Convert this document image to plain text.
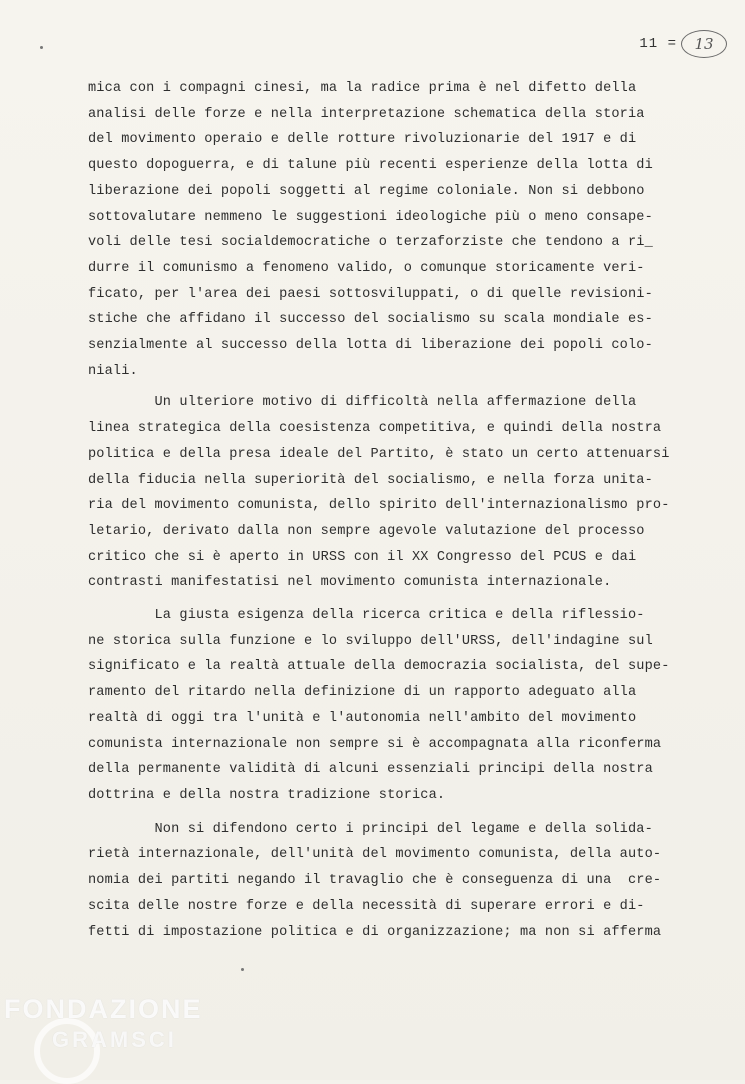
11 =	13
mica con i compagni cinesi, ma la radice prima è nel difetto della
analisi delle forze e nella interpretazione schematica della storia
del movimento operaio e delle rotture rivoluzionarie del 1917 e di
questo dopoguerra, e di talune più recenti esperienze della lotta di
liberazione dei popoli soggetti al regime coloniale. Non si debbono
sottovalutare nemmeno le suggestioni ideologiche più o meno consape-
voli delle tesi socialdemocratiche o terzaforziste che tendono a ri_
durre il comunismo a fenomeno valido, o comunque storicamente veri-
ficato, per l'area dei paesi sottosviluppati, o di quelle revisioni-
stiche che affidano il successo del socialismo su scala mondiale es-
senzialmente al successo della lotta di liberazione dei popoli colo-
niali.
Un ulteriore motivo di difficoltà nella affermazione della
linea strategica della coesistenza competitiva, e quindi della nostra
politica e della presa ideale del Partito, è stato un certo attenuarsi
della fiducia nella superiorità del socialismo, e nella forza unita-
ria del movimento comunista, dello spirito dell'internazionalismo pro-
letario, derivato dalla non sempre agevole valutazione del processo
critico che si è aperto in URSS con il XX Congresso del PCUS e dai
contrasti manifestatisi nel movimento comunista internazionale.
La giusta esigenza della ricerca critica e della riflessio-
ne storica sulla funzione e lo sviluppo dell'URSS, dell'indagine sul
significato e la realtà attuale della democrazia socialista, del supe-
ramento del ritardo nella definizione di un rapporto adeguato alla
realtà di oggi tra l'unità e l'autonomia nell'ambito del movimento
comunista internazionale non sempre si è accompagnata alla riconferma
della permanente validità di alcuni essenziali principi della nostra
dottrina e della nostra tradizione storica.
Non si difendono certo i principi del legame e della solida-
rietà internazionale, dell'unità del movimento comunista, della auto-
nomia dei partiti negando il travaglio che è conseguenza di una  cre-
scita delle nostre forze e della necessità di superare errori e di-
fetti di impostazione politica e di organizzazione; ma non si afferma
FONDAZIONE
GRAMSCI
